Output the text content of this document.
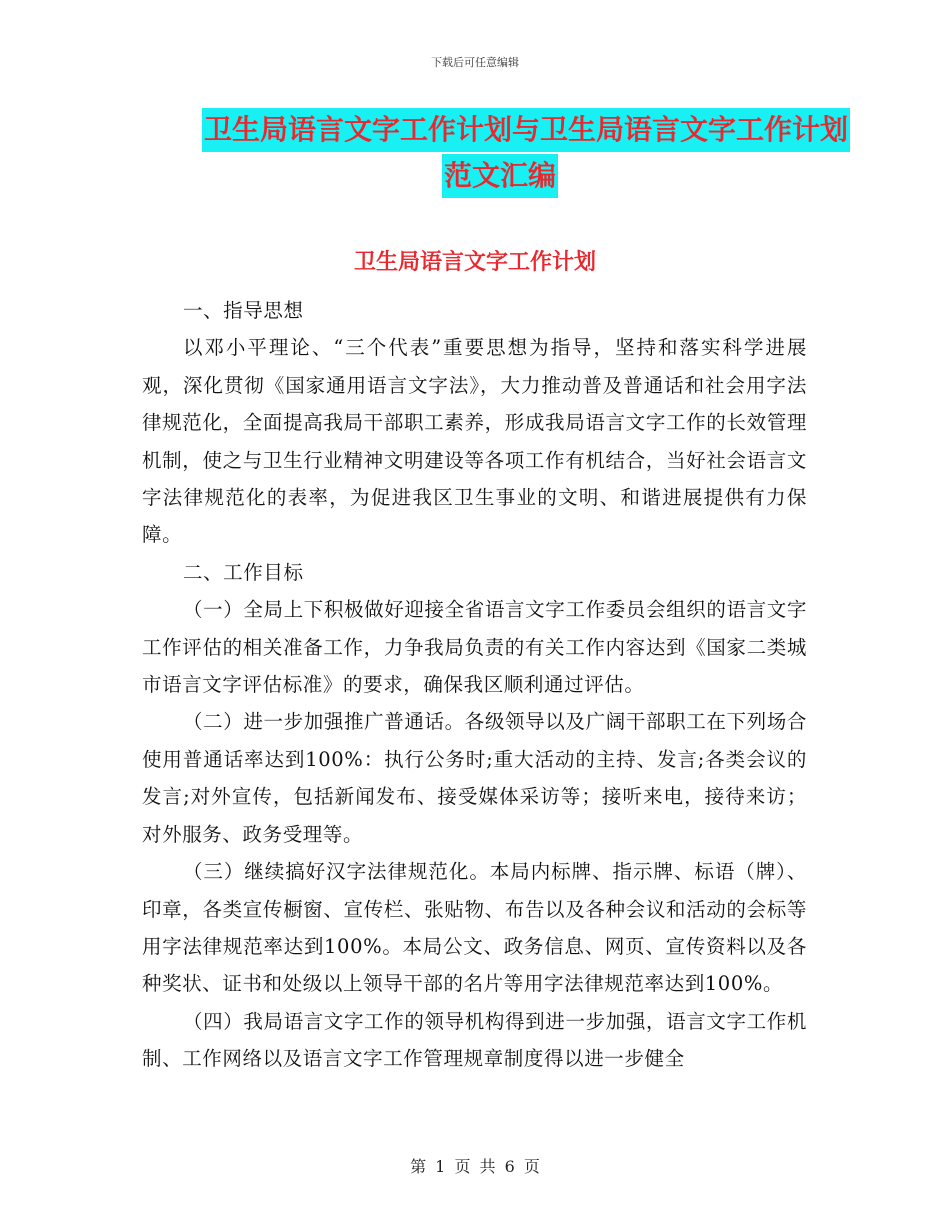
下载后可任意编辑
卫生局语言文字工作计划与卫生局语言文字工作计划
范文汇编
卫生局语言文字工作计划

一、指导思想

以邓小平理论、“三个代表”重要思想为指导，坚持和落实科学进展观，深化贯彻《国家通用语言文字法》，大力推动普及普通话和社会用字法律规范化，全面提高我局干部职工素养，形成我局语言文字工作的长效管理机制，使之与卫生行业精神文明建设等各项工作有机结合，当好社会语言文字法律规范化的表率，为促进我区卫生事业的文明、和谐进展提供有力保障。

二、工作目标

（一）全局上下积极做好迎接全省语言文字工作委员会组织的语言文字工作评估的相关准备工作，力争我局负责的有关工作内容达到《国家二类城市语言文字评估标准》的要求，确保我区顺利通过评估。

（二）进一步加强推广普通话。各级领导以及广阔干部职工在下列场合使用普通话率达到100%：执行公务时;重大活动的主持、发言;各类会议的发言;对外宣传，包括新闻发布、接受媒体采访等；接听来电，接待来访；对外服务、政务受理等。

（三）继续搞好汉字法律规范化。本局内标牌、指示牌、标语（牌）、印章，各类宣传橱窗、宣传栏、张贴物、布告以及各种会议和活动的会标等用字法律规范率达到100%。本局公文、政务信息、网页、宣传资料以及各种奖状、证书和处级以上领导干部的名片等用字法律规范率达到100%。

（四）我局语言文字工作的领导机构得到进一步加强，语言文字工作机制、工作网络以及语言文字工作管理规章制度得以进一步健全

第 1 页 共 6 页
